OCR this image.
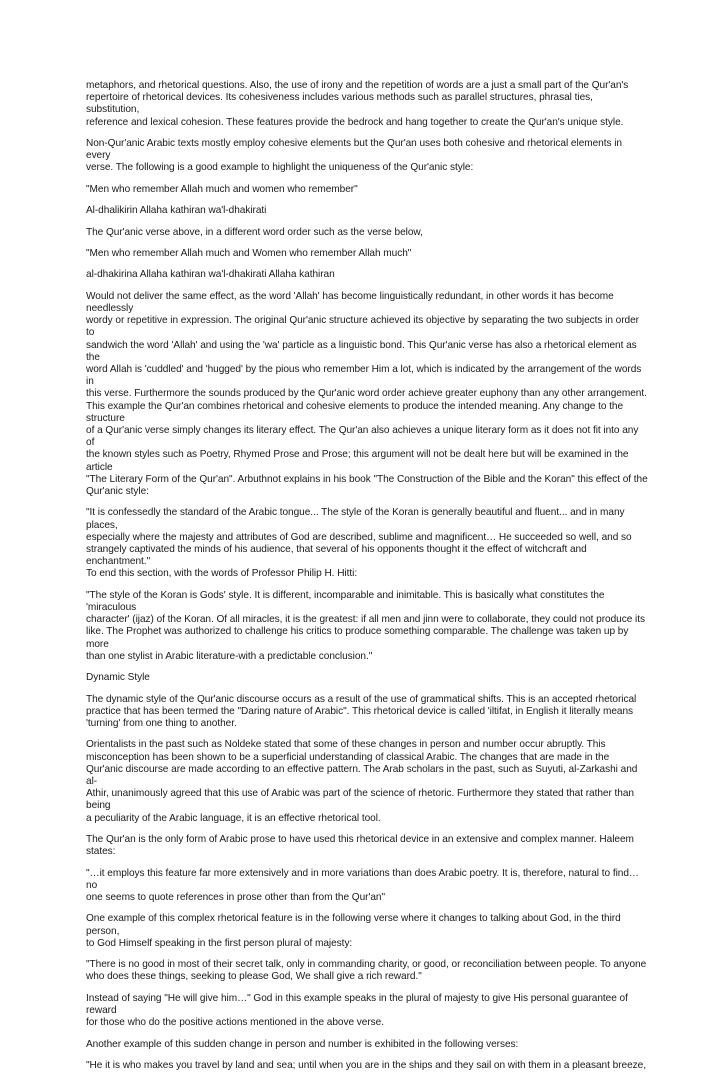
metaphors, and rhetorical questions. Also, the use of irony and the repetition of words are a just a small part of the Qur'an's
repertoire of rhetorical devices. Its cohesiveness includes various methods such as parallel structures, phrasal ties, substitution,
reference and lexical cohesion. These features provide the bedrock and hang together to create the Qur'an's unique style.

Non-Qur'anic Arabic texts mostly employ cohesive elements but the Qur'an uses both cohesive and rhetorical elements in every
verse. The following is a good example to highlight the uniqueness of the Qur'anic style:

"Men who remember Allah much and women who remember"

Al-dhalikirin Allaha kathiran wa'l-dhakirati

The Qur'anic verse above, in a different word order such as the verse below,

"Men who remember Allah much and Women who remember Allah much"

al-dhakirina Allaha kathiran wa'l-dhakirati Allaha kathiran

Would not deliver the same effect, as the word 'Allah' has become linguistically redundant, in other words it has become needlessly
wordy or repetitive in expression. The original Qur'anic structure achieved its objective by separating the two subjects in order to
sandwich the word 'Allah' and using the 'wa' particle as a linguistic bond. This Qur'anic verse has also a rhetorical element as the
word Allah is 'cuddled' and 'hugged' by the pious who remember Him a lot, which is indicated by the arrangement of the words in
this verse. Furthermore the sounds produced by the Qur'anic word order achieve greater euphony than any other arrangement.
This example the Qur'an combines rhetorical and cohesive elements to produce the intended meaning. Any change to the structure
of a Qur'anic verse simply changes its literary effect. The Qur'an also achieves a unique literary form as it does not fit into any of
the known styles such as Poetry, Rhymed Prose and Prose; this argument will not be dealt here but will be examined in the article
"The Literary Form of the Qur'an". Arbuthnot explains in his book "The Construction of the Bible and the Koran" this effect of the
Qur'anic style:

"It is confessedly the standard of the Arabic tongue... The style of the Koran is generally beautiful and fluent... and in many places,
especially where the majesty and attributes of God are described, sublime and magnificent… He succeeded so well, and so
strangely captivated the minds of his audience, that several of his opponents thought it the effect of witchcraft and enchantment."
To end this section, with the words of Professor Philip H. Hitti:

"The style of the Koran is Gods' style. It is different, incomparable and inimitable. This is basically what constitutes the 'miraculous
character' (ijaz) of the Koran. Of all miracles, it is the greatest: if all men and jinn were to collaborate, they could not produce its
like. The Prophet was authorized to challenge his critics to produce something comparable. The challenge was taken up by more
than one stylist in Arabic literature-with a predictable conclusion."

Dynamic Style

The dynamic style of the Qur'anic discourse occurs as a result of the use of grammatical shifts. This is an accepted rhetorical
practice that has been termed the "Daring nature of Arabic". This rhetorical device is called 'iltifat, in English it literally means
'turning' from one thing to another.

Orientalists in the past such as Noldeke stated that some of these changes in person and number occur abruptly. This
misconception has been shown to be a superficial understanding of classical Arabic. The changes that are made in the
Qur'anic discourse are made according to an effective pattern. The Arab scholars in the past, such as Suyuti, al-Zarkashi and al-
Athir, unanimously agreed that this use of Arabic was part of the science of rhetoric. Furthermore they stated that rather than being
a peculiarity of the Arabic language, it is an effective rhetorical tool.

The Qur'an is the only form of Arabic prose to have used this rhetorical device in an extensive and complex manner. Haleem states:

"…it employs this feature far more extensively and in more variations than does Arabic poetry. It is, therefore, natural to find…no
one seems to quote references in prose other than from the Qur'an"

One example of this complex rhetorical feature is in the following verse where it changes to talking about God, in the third person,
to God Himself speaking in the first person plural of majesty:

"There is no good in most of their secret talk, only in commanding charity, or good, or reconciliation between people. To anyone
who does these things, seeking to please God, We shall give a rich reward."

Instead of saying "He will give him…" God in this example speaks in the plural of majesty to give His personal guarantee of reward
for those who do the positive actions mentioned in the above verse.

Another example of this sudden change in person and number is exhibited in the following verses:

"He it is who makes you travel by land and sea; until when you are in the ships and they sail on with them in a pleasant breeze,
